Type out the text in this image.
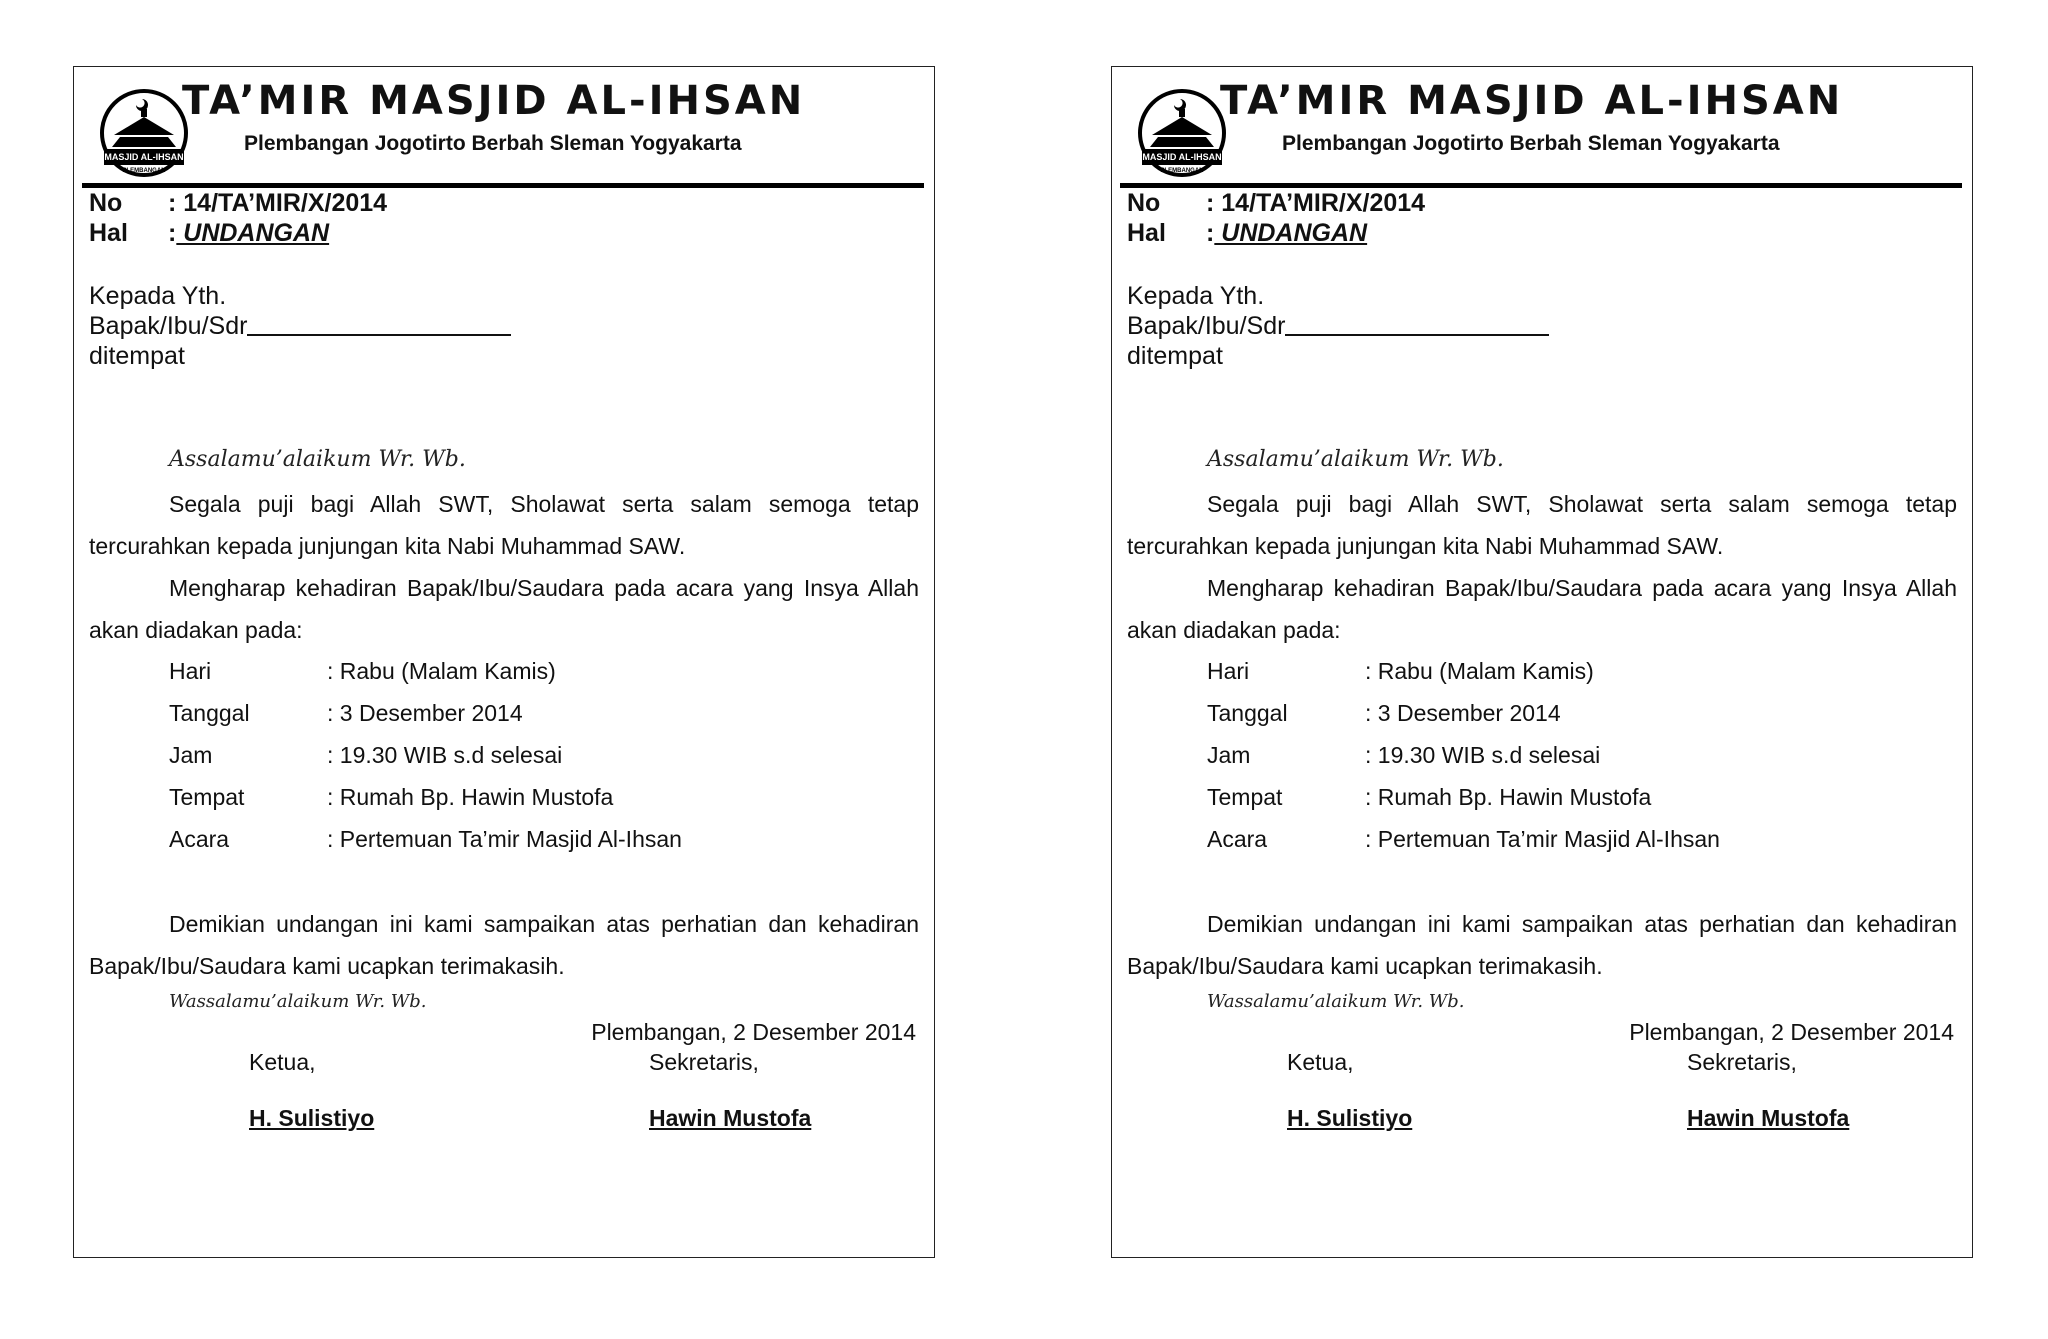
MASJID AL-IHSAN
PLEMBANGAN
TA’MIR MASJID AL-IHSAN

Plembangan Jogotirto Berbah Sleman Yogyakarta

No : 14/TA’MIR/X/2014
Hal : UNDANGAN
Kepada Yth.
Bapak/Ibu/Sdr
ditempat
Assalamu’alaikum Wr. Wb.

Segala puji bagi Allah SWT, Sholawat serta salam semoga tetap tercurahkan kepada junjungan kita Nabi Muhammad SAW.

Mengharap kehadiran Bapak/Ibu/Saudara pada acara yang Insya Allah akan diadakan pada:

Hari	: Rabu (Malam Kamis)
Tanggal	: 3 Desember 2014
Jam	: 19.30 WIB s.d selesai
Tempat	: Rumah Bp. Hawin Mustofa
Acara	: Pertemuan Ta’mir Masjid Al-Ihsan

Demikian undangan ini kami sampaikan atas perhatian dan kehadiran Bapak/Ibu/Saudara kami ucapkan terimakasih.

Wassalamu’alaikum Wr. Wb.
Plembangan, 2 Desember 2014
Ketua,	Sekretaris,
H. Sulistiyo	Hawin Mustofa
MASJID AL-IHSAN
PLEMBANGAN
TA’MIR MASJID AL-IHSAN

Plembangan Jogotirto Berbah Sleman Yogyakarta

No : 14/TA’MIR/X/2014
Hal : UNDANGAN
Kepada Yth.
Bapak/Ibu/Sdr
ditempat
Assalamu’alaikum Wr. Wb.

Segala puji bagi Allah SWT, Sholawat serta salam semoga tetap tercurahkan kepada junjungan kita Nabi Muhammad SAW.

Mengharap kehadiran Bapak/Ibu/Saudara pada acara yang Insya Allah akan diadakan pada:

Hari	: Rabu (Malam Kamis)
Tanggal	: 3 Desember 2014
Jam	: 19.30 WIB s.d selesai
Tempat	: Rumah Bp. Hawin Mustofa
Acara	: Pertemuan Ta’mir Masjid Al-Ihsan

Demikian undangan ini kami sampaikan atas perhatian dan kehadiran Bapak/Ibu/Saudara kami ucapkan terimakasih.

Wassalamu’alaikum Wr. Wb.
Plembangan, 2 Desember 2014
Ketua,	Sekretaris,
H. Sulistiyo	Hawin Mustofa
